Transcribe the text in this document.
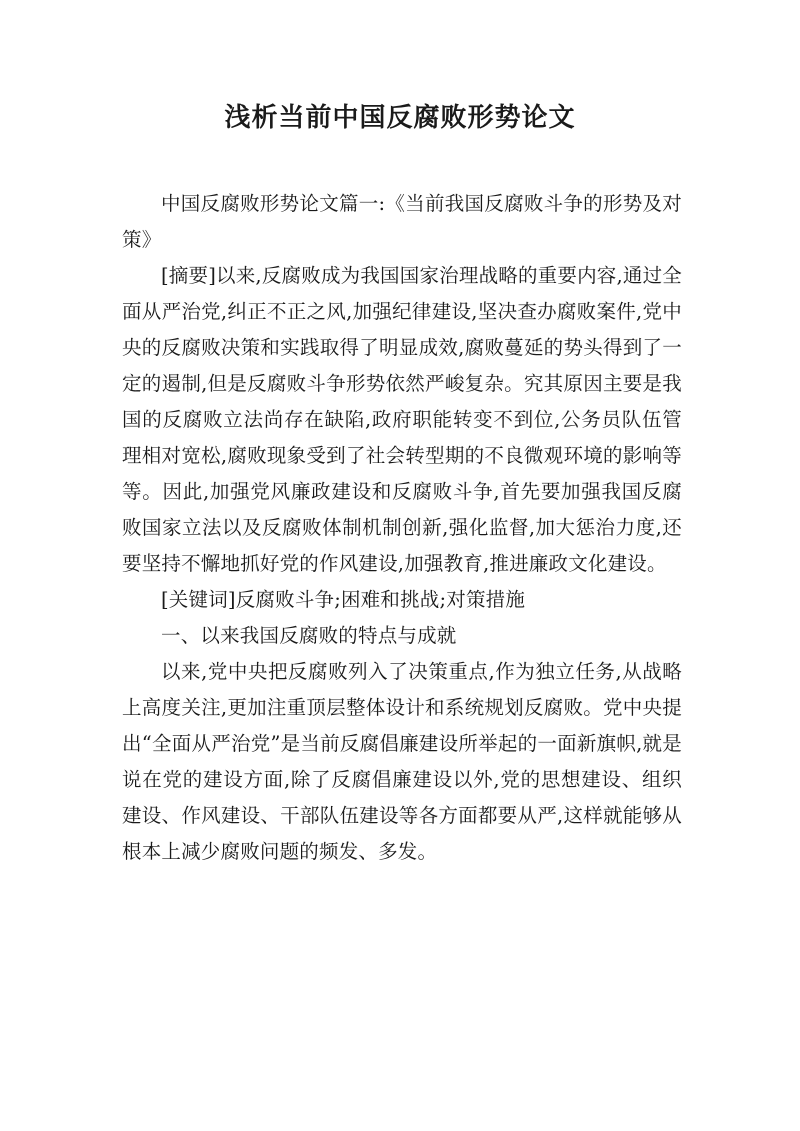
浅析当前中国反腐败形势论文

中国反腐败形势论文篇一:《当前我国反腐败斗争的形势及对策》

[摘要]以来,反腐败成为我国国家治理战略的重要内容,通过全面从严治党,纠正不正之风,加强纪律建设,坚决查办腐败案件,党中央的反腐败决策和实践取得了明显成效,腐败蔓延的势头得到了一定的遏制,但是反腐败斗争形势依然严峻复杂。究其原因主要是我国的反腐败立法尚存在缺陷,政府职能转变不到位,公务员队伍管理相对宽松,腐败现象受到了社会转型期的不良微观环境的影响等等。因此,加强党风廉政建设和反腐败斗争,首先要加强我国反腐败国家立法以及反腐败体制机制创新,强化监督,加大惩治力度,还要坚持不懈地抓好党的作风建设,加强教育,推进廉政文化建设。

[关键词]反腐败斗争;困难和挑战;对策措施

一、以来我国反腐败的特点与成就

以来,党中央把反腐败列入了决策重点,作为独立任务,从战略上高度关注,更加注重顶层整体设计和系统规划反腐败。党中央提出“全面从严治党”是当前反腐倡廉建设所举起的一面新旗帜,就是说在党的建设方面,除了反腐倡廉建设以外,党的思想建设、组织建设、作风建设、干部队伍建设等各方面都要从严,这样就能够从根本上减少腐败问题的频发、多发。
